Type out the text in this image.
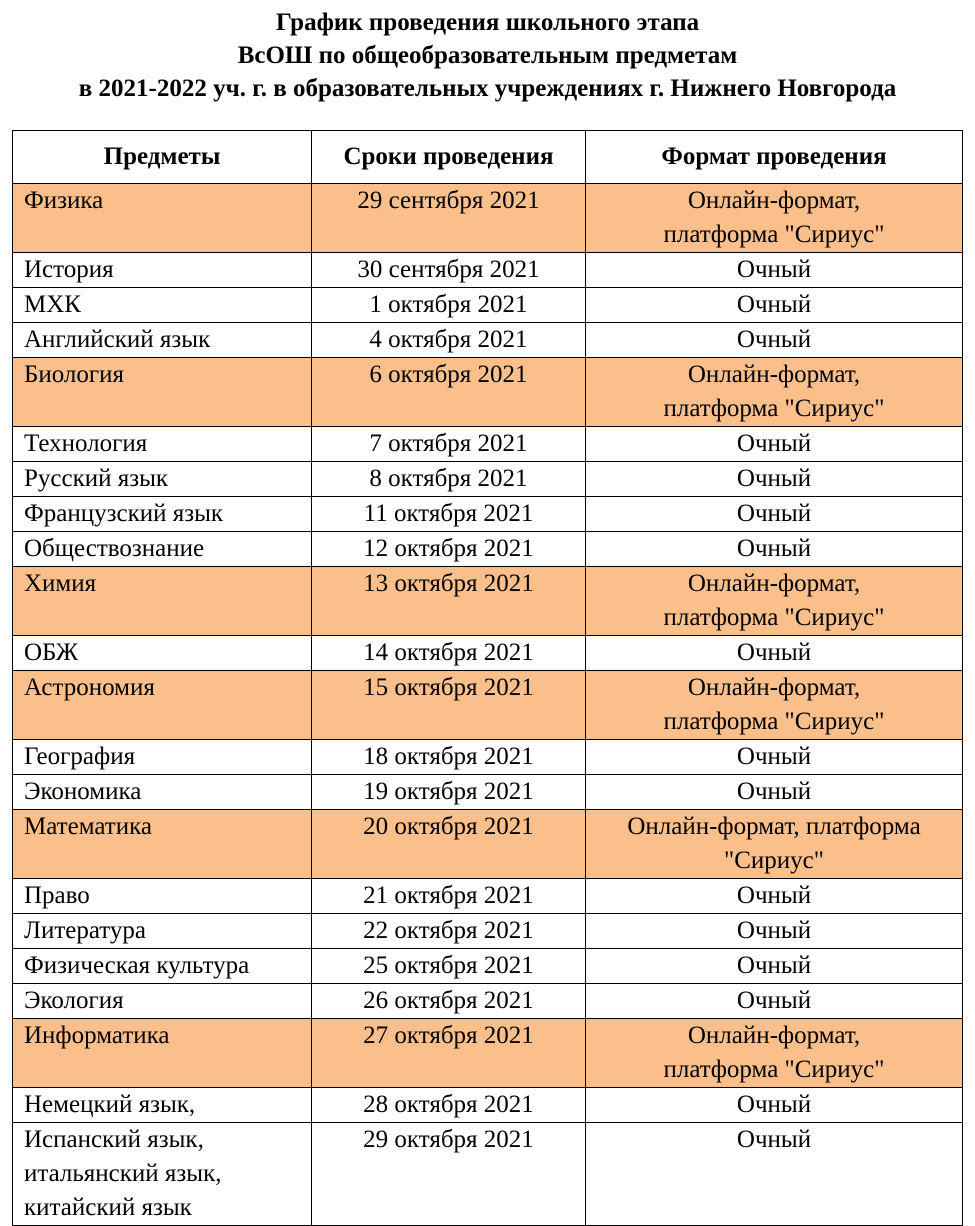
График проведения школьного этапа
ВсОШ по общеобразовательным предметам
в 2021-2022 уч. г. в образовательных учреждениях г. Нижнего Новгорода
Предметы	Сроки проведения	Формат проведения

Физика	29 сентября 2021	Онлайн-формат,
платформа "Сириус"

История	30 сентября 2021	Очный

МХК	1 октября 2021	Очный

Английский язык	4 октября 2021	Очный

Биология	6 октября 2021	Онлайн-формат,
платформа "Сириус"

Технология	7 октября 2021	Очный

Русский язык	8 октября 2021	Очный

Французский язык	11 октября 2021	Очный

Обществознание	12 октября 2021	Очный

Химия	13 октября 2021	Онлайн-формат,
платформа "Сириус"

ОБЖ	14 октября 2021	Очный

Астрономия	15 октября 2021	Онлайн-формат,
платформа "Сириус"

География	18 октября 2021	Очный

Экономика	19 октября 2021	Очный

Математика	20 октября 2021	Онлайн-формат, платформа
"Сириус"

Право	21 октября 2021	Очный

Литература	22 октября 2021	Очный

Физическая культура	25 октября 2021	Очный

Экология	26 октября 2021	Очный

Информатика	27 октября 2021	Онлайн-формат,
платформа "Сириус"

Немецкий язык,	28 октября 2021	Очный

Испанский язык,
итальянский язык,
китайский язык	29 октября 2021	Очный
